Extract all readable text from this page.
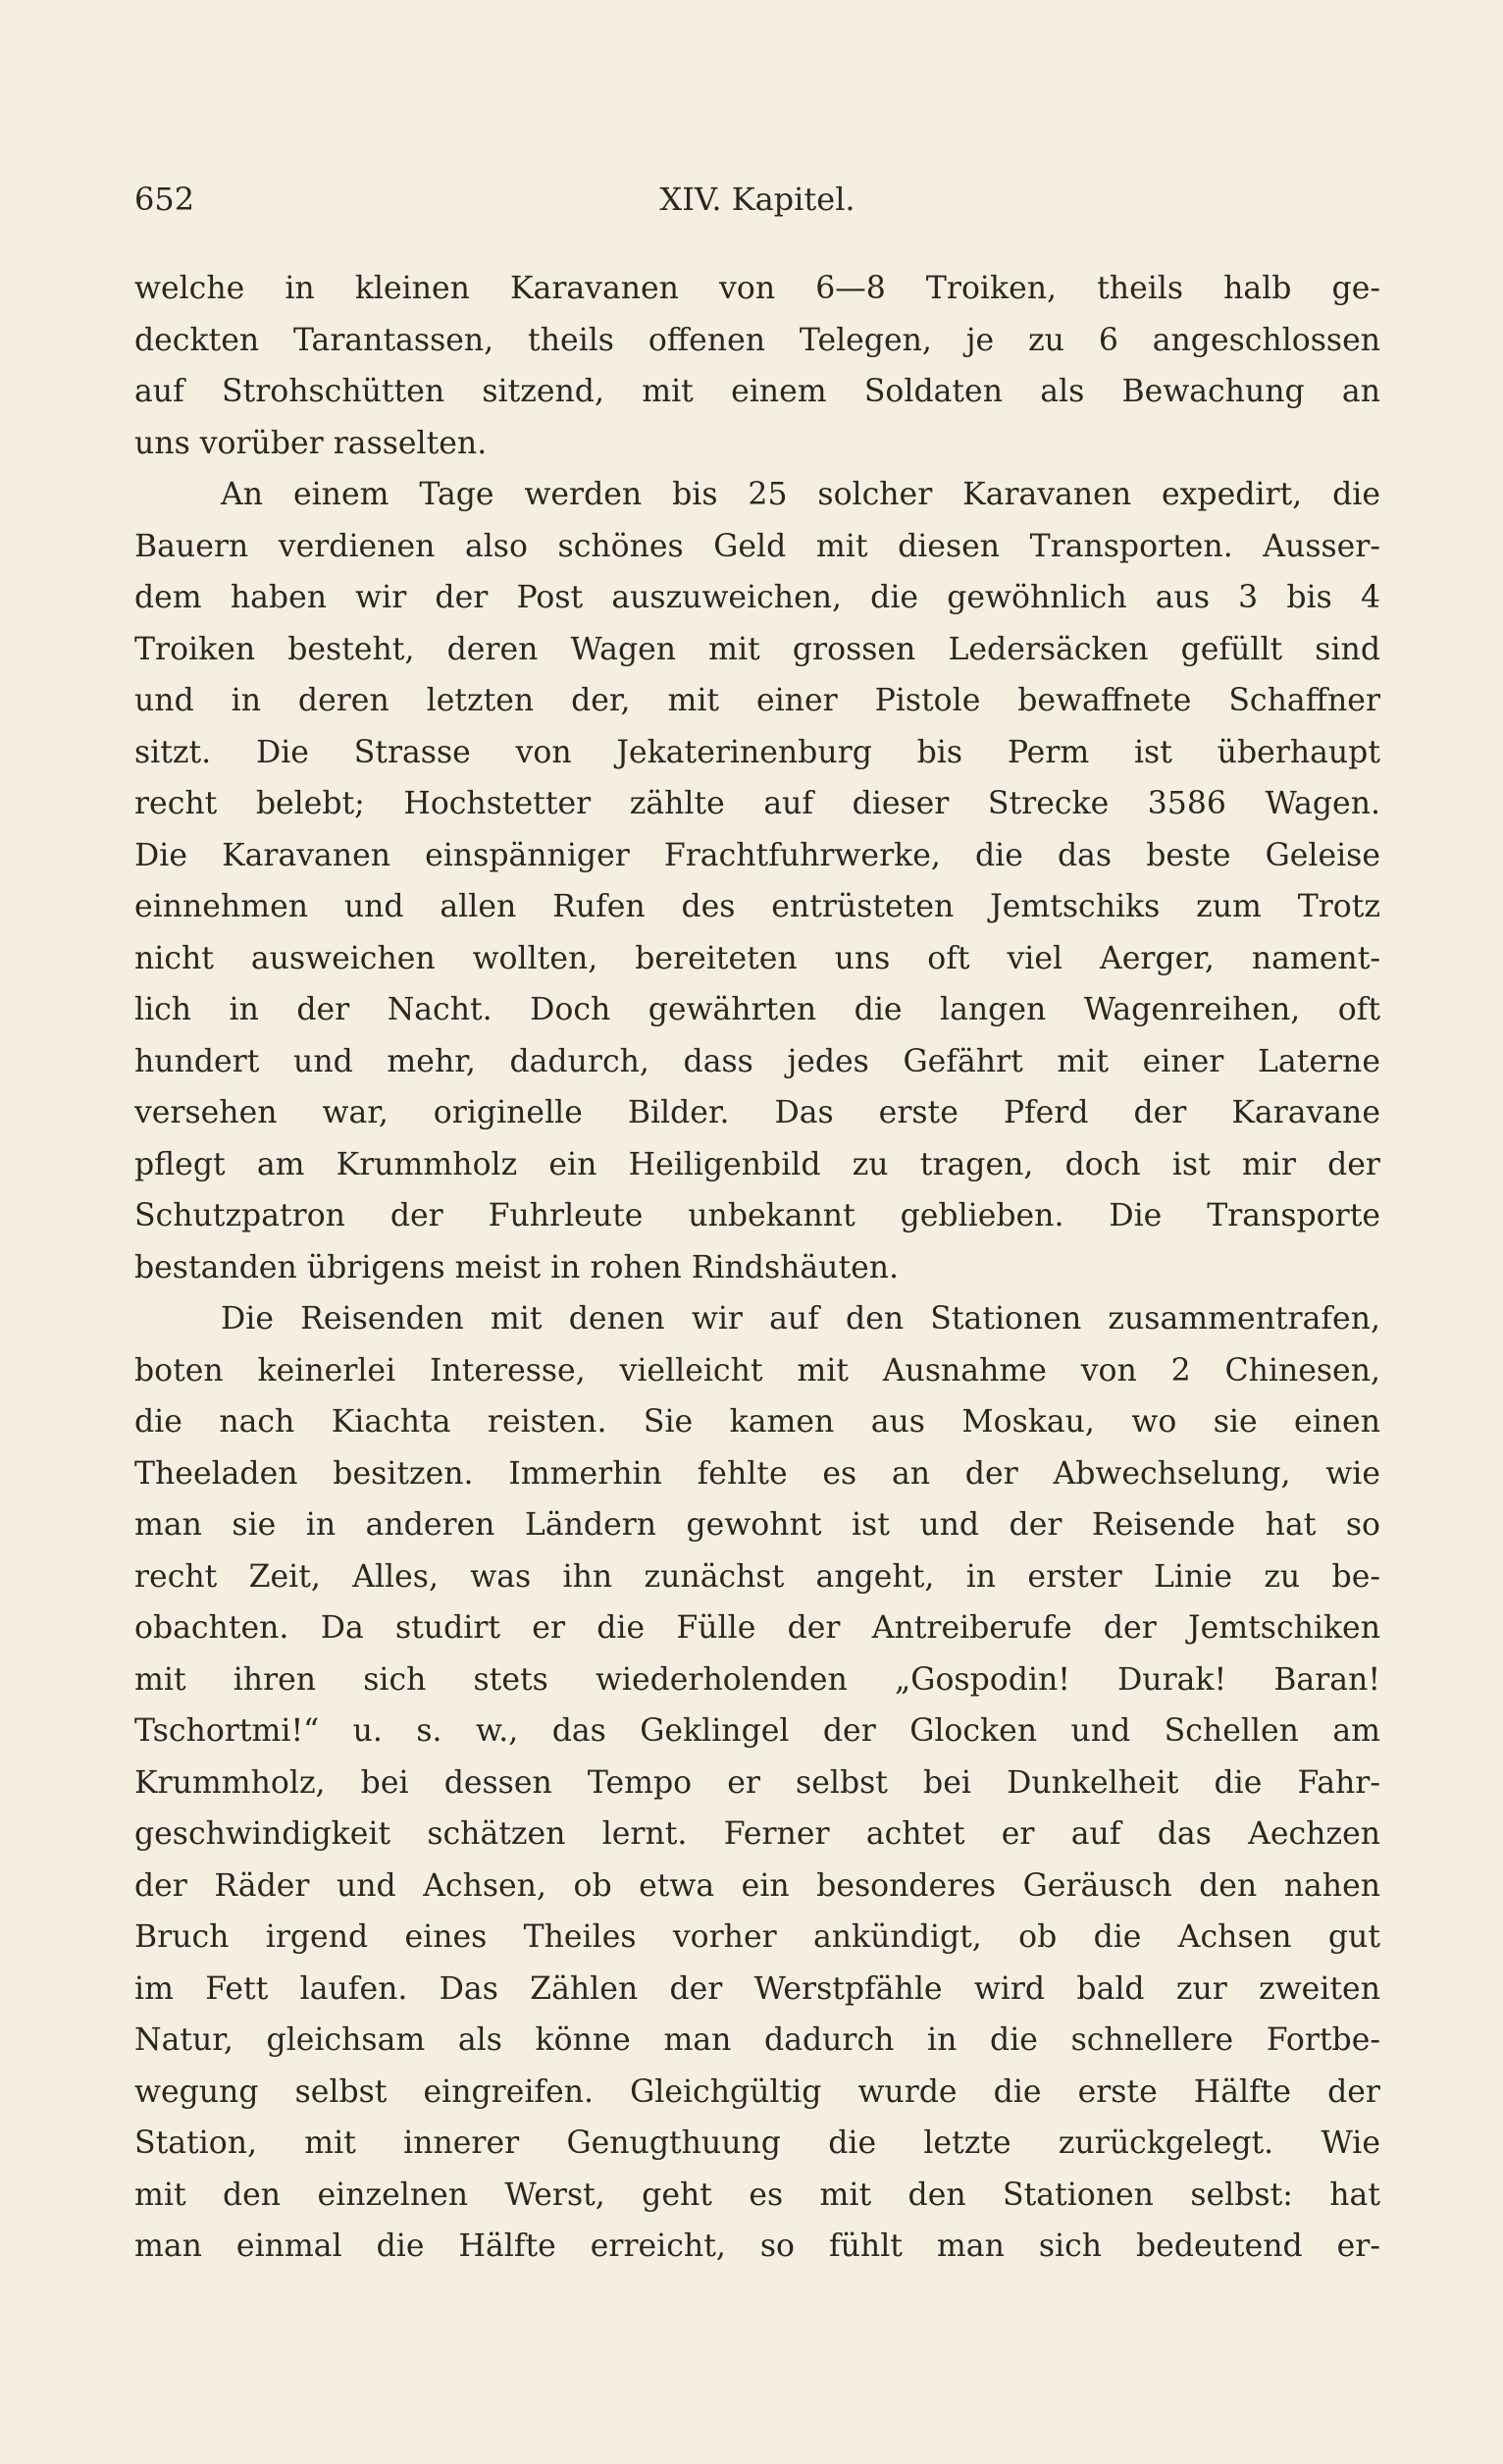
652	XIV. Kapitel.
welche in kleinen Karavanen von 6—8 Troiken, theils halb ge-
deckten Tarantassen, theils offenen Telegen, je zu 6 angeschlossen
auf Strohschütten sitzend, mit einem Soldaten als Bewachung an
uns vorüber rasselten.
An einem Tage werden bis 25 solcher Karavanen expedirt, die
Bauern verdienen also schönes Geld mit diesen Transporten. Ausser-
dem haben wir der Post auszuweichen, die gewöhnlich aus 3 bis 4
Troiken besteht, deren Wagen mit grossen Ledersäcken gefüllt sind
und in deren letzten der, mit einer Pistole bewaffnete Schaffner
sitzt. Die Strasse von Jekaterinenburg bis Perm ist überhaupt
recht belebt; Hochstetter zählte auf dieser Strecke 3586 Wagen.
Die Karavanen einspänniger Frachtfuhrwerke, die das beste Geleise
einnehmen und allen Rufen des entrüsteten Jemtschiks zum Trotz
nicht ausweichen wollten, bereiteten uns oft viel Aerger, nament-
lich in der Nacht. Doch gewährten die langen Wagenreihen, oft
hundert und mehr, dadurch, dass jedes Gefährt mit einer Laterne
versehen war, originelle Bilder. Das erste Pferd der Karavane
pflegt am Krummholz ein Heiligenbild zu tragen, doch ist mir der
Schutzpatron der Fuhrleute unbekannt geblieben. Die Transporte
bestanden übrigens meist in rohen Rindshäuten.
Die Reisenden mit denen wir auf den Stationen zusammentrafen,
boten keinerlei Interesse, vielleicht mit Ausnahme von 2 Chinesen,
die nach Kiachta reisten. Sie kamen aus Moskau, wo sie einen
Theeladen besitzen. Immerhin fehlte es an der Abwechselung, wie
man sie in anderen Ländern gewohnt ist und der Reisende hat so
recht Zeit, Alles, was ihn zunächst angeht, in erster Linie zu be-
obachten. Da studirt er die Fülle der Antreiberufe der Jemtschiken
mit ihren sich stets wiederholenden „Gospodin! Durak! Baran!
Tschortmi!“ u. s. w., das Geklingel der Glocken und Schellen am
Krummholz, bei dessen Tempo er selbst bei Dunkelheit die Fahr-
geschwindigkeit schätzen lernt. Ferner achtet er auf das Aechzen
der Räder und Achsen, ob etwa ein besonderes Geräusch den nahen
Bruch irgend eines Theiles vorher ankündigt, ob die Achsen gut
im Fett laufen. Das Zählen der Werstpfähle wird bald zur zweiten
Natur, gleichsam als könne man dadurch in die schnellere Fortbe-
wegung selbst eingreifen. Gleichgültig wurde die erste Hälfte der
Station, mit innerer Genugthuung die letzte zurückgelegt. Wie
mit den einzelnen Werst, geht es mit den Stationen selbst: hat
man einmal die Hälfte erreicht, so fühlt man sich bedeutend er-
